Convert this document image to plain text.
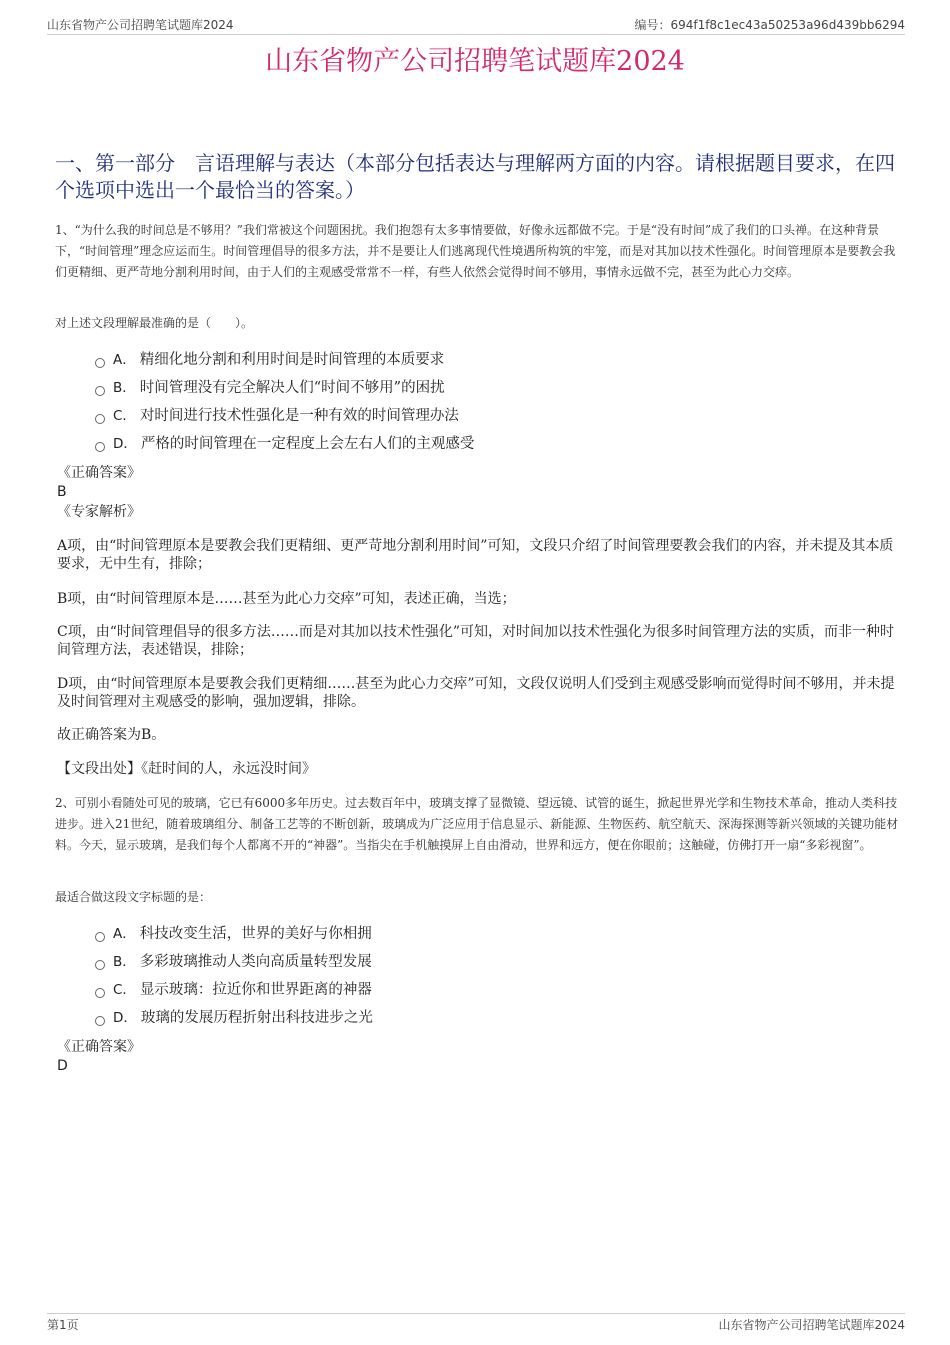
山东省物产公司招聘笔试题库2024	编号：694f1f8c1ec43a50253a96d439bb6294
山东省物产公司招聘笔试题库2024
一、第一部分　言语理解与表达（本部分包括表达与理解两方面的内容。请根据题目要求，在四个选项中选出一个最恰当的答案。）

1、“为什么我的时间总是不够用？”我们常被这个问题困扰。我们抱怨有太多事情要做，好像永远都做不完。于是“没有时间”成了我们的口头禅。在这种背景下，“时间管理”理念应运而生。时间管理倡导的很多方法，并不是要让人们逃离现代性境遇所构筑的牢笼，而是对其加以技术性强化。时间管理原本是要教会我们更精细、更严苛地分割利用时间，由于人们的主观感受常常不一样，有些人依然会觉得时间不够用，事情永远做不完，甚至为此心力交瘁。

对上述文段理解最准确的是（　　）。

A． 精细化地分割和利用时间是时间管理的本质要求
B． 时间管理没有完全解决人们“时间不够用”的困扰
C． 对时间进行技术性强化是一种有效的时间管理办法
D． 严格的时间管理在一定程度上会左右人们的主观感受

《正确答案》

B

《专家解析》

A项，由“时间管理原本是要教会我们更精细、更严苛地分割利用时间”可知，文段只介绍了时间管理要教会我们的内容，并未提及其本质要求，无中生有，排除；

B项，由“时间管理原本是……甚至为此心力交瘁”可知，表述正确，当选；

C项，由“时间管理倡导的很多方法……而是对其加以技术性强化”可知，对时间加以技术性强化为很多时间管理方法的实质，而非一种时间管理方法，表述错误，排除；

D项，由“时间管理原本是要教会我们更精细……甚至为此心力交瘁”可知，文段仅说明人们受到主观感受影响而觉得时间不够用，并未提及时间管理对主观感受的影响，强加逻辑，排除。

故正确答案为B。

【文段出处】《赶时间的人，永远没时间》

2、可别小看随处可见的玻璃，它已有6000多年历史。过去数百年中，玻璃支撑了显微镜、望远镜、试管的诞生，掀起世界光学和生物技术革命，推动人类科技进步。进入21世纪，随着玻璃组分、制备工艺等的不断创新，玻璃成为广泛应用于信息显示、新能源、生物医药、航空航天、深海探测等新兴领域的关键功能材料。今天，显示玻璃，是我们每个人都离不开的“神器”。当指尖在手机触摸屏上自由滑动，世界和远方，便在你眼前；这触碰，仿佛打开一扇“多彩视窗”。

最适合做这段文字标题的是：

A． 科技改变生活，世界的美好与你相拥
B． 多彩玻璃推动人类向高质量转型发展
C． 显示玻璃：拉近你和世界距离的神器
D． 玻璃的发展历程折射出科技进步之光

《正确答案》

D

第1页	山东省物产公司招聘笔试题库2024
